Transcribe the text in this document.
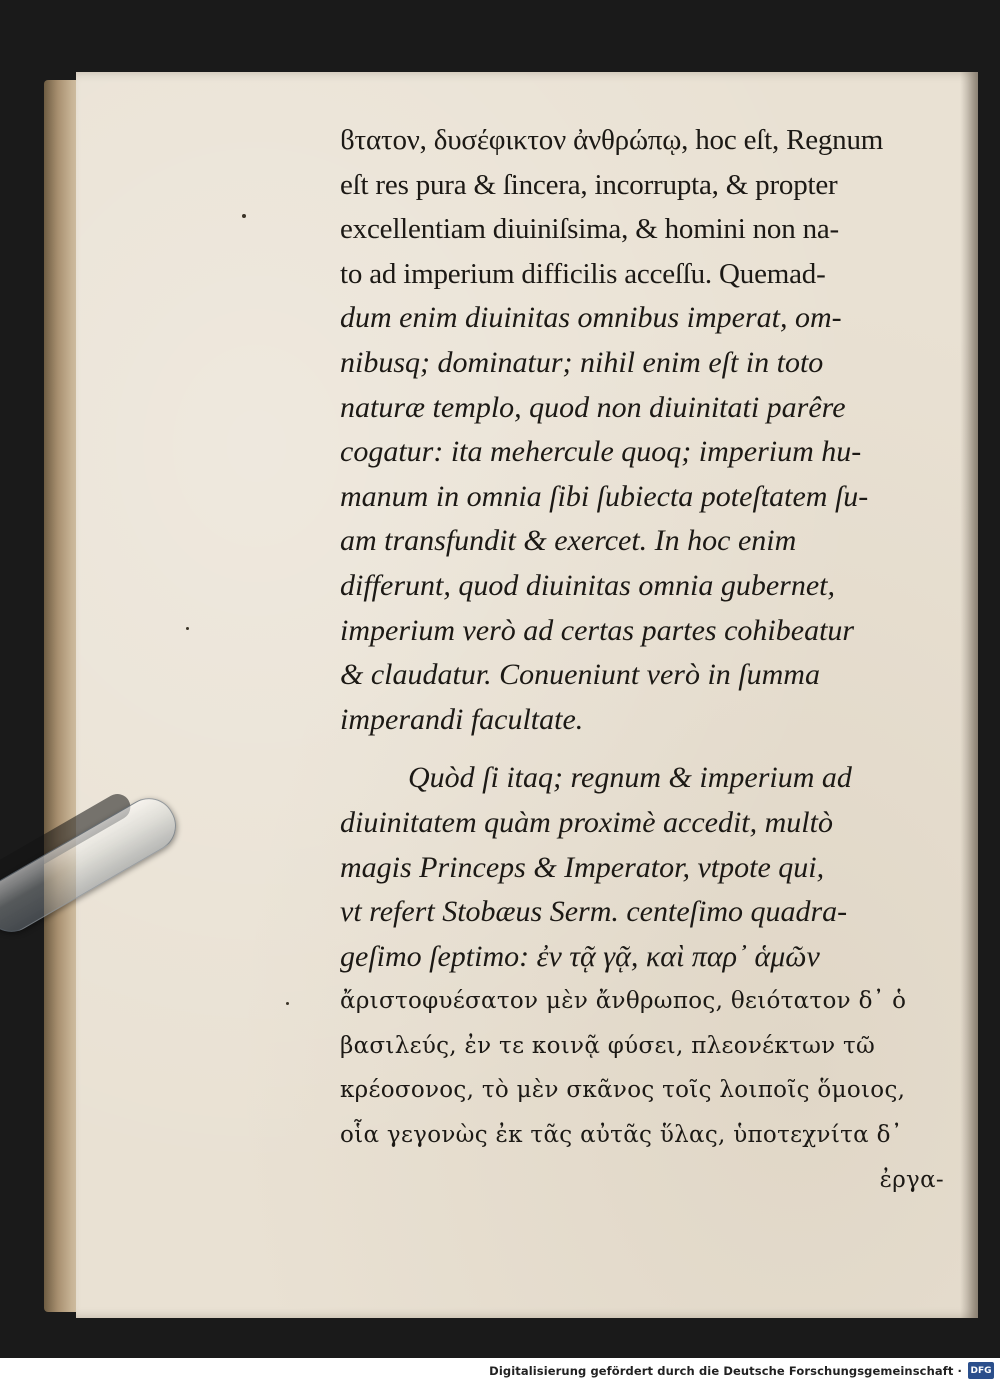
ϐτατον, δυσέφικτον ἀνθρώπῳ, hoc eſt, Regnum
eſt res pura & ſincera, incorrupta, & propter
excellentiam diuiniſsima, & homini non na-
to ad imperium difficilis acceſſu. Quemad-
dum enim diuinitas omnibus imperat, om-
nibusq; dominatur; nihil enim eſt in toto
naturæ templo, quod non diuinitati parêre
cogatur: ita mehercule quoq; imperium hu-
manum in omnia ſibi ſubiecta poteſtatem ſu-
am transfundit & exercet. In hoc enim
differunt, quod diuinitas omnia gubernet,
imperium verò ad certas partes cohibeatur
& claudatur. Conueniunt verò in ſumma
imperandi facultate.
Quòd ſi itaq; regnum & imperium ad
diuinitatem quàm proximè accedit, multò
magis Princeps & Imperator, vtpote qui,
vt refert Stobæus Serm. centeſimo quadra-
geſimo ſeptimo: ἐν τᾷ γᾷ, καὶ παρ᾽ ἁμῶν
ἄριστοφυέσατον μὲν ἄνθρωπος, θειότατον δ᾽ ὁ
βασιλεύς, ἐν τε κοινᾷ φύσει, πλεονέκτων τῶ
κρέοσονος, τὸ μὲν σκᾶνος τοῖς λοιποῖς ὅμοιος,
οἷα γεγονὼς ἐκ τᾶς αὐτᾶς ὕλας, ὑποτεχνίτα δ᾽
ἐργα-
Digitalisierung gefördert durch die Deutsche Forschungsgemeinschaft · DFG
